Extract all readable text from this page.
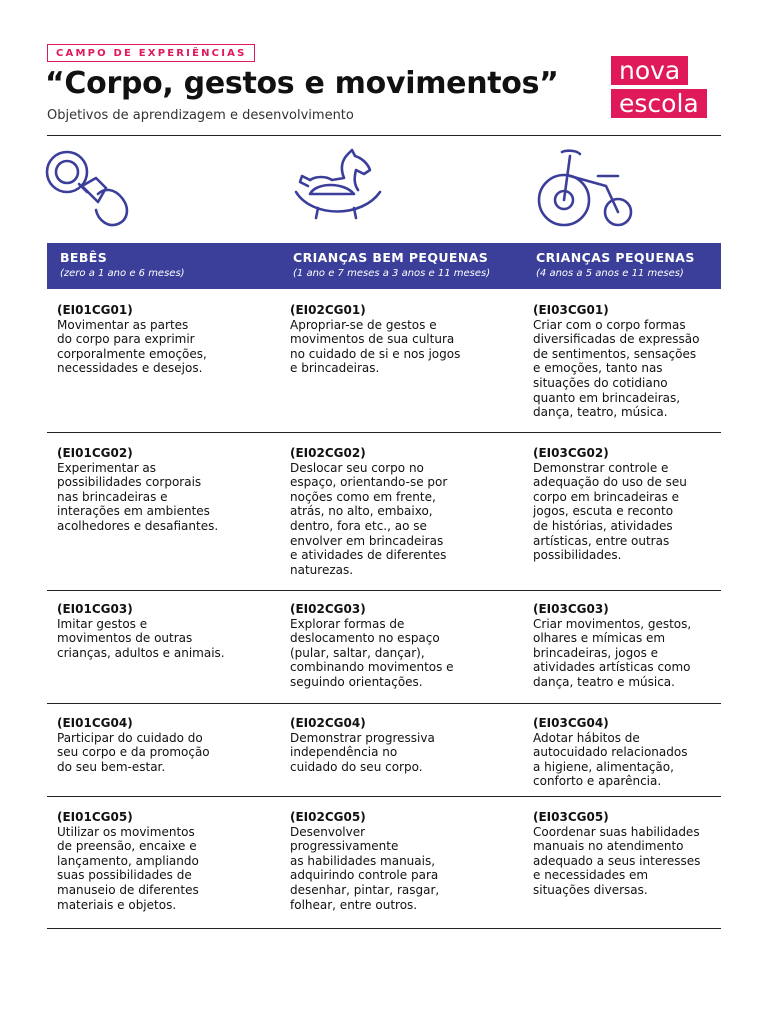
CAMPO DE EXPERIÊNCIAS
“Corpo, gestos e movimentos”
Objetivos de aprendizagem e desenvolvimento
nova
escola
BEBÊS
(zero a 1 ano e 6 meses)
CRIANÇAS BEM PEQUENAS
(1 ano e 7 meses a 3 anos e 11 meses)
CRIANÇAS PEQUENAS
(4 anos a 5 anos e 11 meses)
(EI01CG01)
Movimentar as partes
do corpo para exprimir
corporalmente emoções,
necessidades e desejos.
(EI02CG01)
Apropriar-se de gestos e
movimentos de sua cultura
no cuidado de si e nos jogos
e brincadeiras.
(EI03CG01)
Criar com o corpo formas
diversificadas de expressão
de sentimentos, sensações
e emoções, tanto nas
situações do cotidiano
quanto em brincadeiras,
dança, teatro, música.
(EI01CG02)
Experimentar as
possibilidades corporais
nas brincadeiras e
interações em ambientes
acolhedores e desafiantes.
(EI02CG02)
Deslocar seu corpo no
espaço, orientando-se por
noções como em frente,
atrás, no alto, embaixo,
dentro, fora etc., ao se
envolver em brincadeiras
e atividades de diferentes
naturezas.
(EI03CG02)
Demonstrar controle e
adequação do uso de seu
corpo em brincadeiras e
jogos, escuta e reconto
de histórias, atividades
artísticas, entre outras
possibilidades.
(EI01CG03)
Imitar gestos e
movimentos de outras
crianças, adultos e animais.
(EI02CG03)
Explorar formas de
deslocamento no espaço
(pular, saltar, dançar),
combinando movimentos e
seguindo orientações.
(EI03CG03)
Criar movimentos, gestos,
olhares e mímicas em
brincadeiras, jogos e
atividades artísticas como
dança, teatro e música.
(EI01CG04)
Participar do cuidado do
seu corpo e da promoção
do seu bem-estar.
(EI02CG04)
Demonstrar progressiva
independência no
cuidado do seu corpo.
(EI03CG04)
Adotar hábitos de
autocuidado relacionados
a higiene, alimentação,
conforto e aparência.
(EI01CG05)
Utilizar os movimentos
de preensão, encaixe e
lançamento, ampliando
suas possibilidades de
manuseio de diferentes
materiais e objetos.
(EI02CG05)
Desenvolver
progressivamente
as habilidades manuais,
adquirindo controle para
desenhar, pintar, rasgar,
folhear, entre outros.
(EI03CG05)
Coordenar suas habilidades
manuais no atendimento
adequado a seus interesses
e necessidades em
situações diversas.
